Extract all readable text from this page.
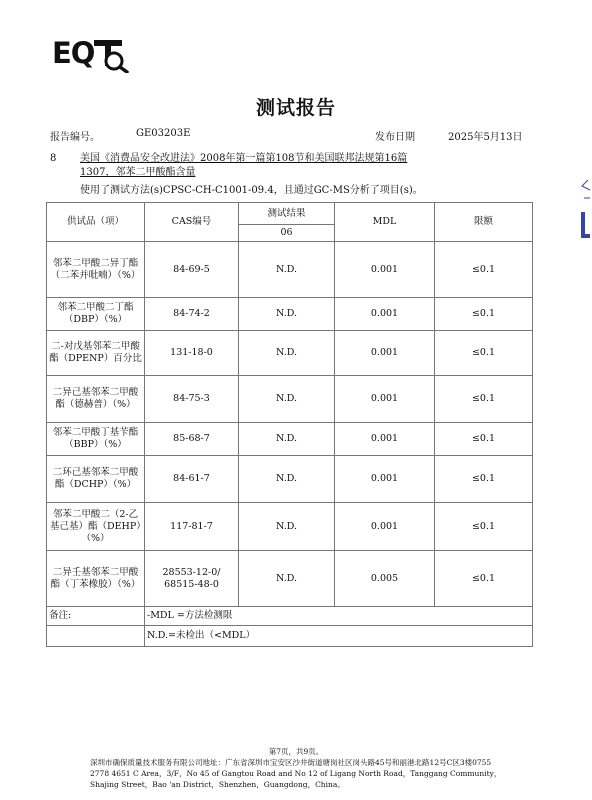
EQ
测试报告
报告编号。	GE03203E	发布日期	2025年5月13日
8 美国《消费品安全改进法》2008年第一篇第108节和美国联邦法规第16篇1307，邻苯二甲酸酯含量
使用了测试方法(s)CPSC-CH-C1001-09.4，且通过GC-MS分析了项目(s)。
供试品（项）	CAS编号	测试结果	MDL	限额
		06		
邻苯二甲酸二异丁酯（二苯并吡喃）（%）	84-69-5	N.D.	0.001	≤0.1
邻苯二甲酸二丁酯（DBP）（%）	84-74-2	N.D.	0.001	≤0.1
二-对戊基邻苯二甲酸酯（DPENP）百分比	131-18-0	N.D.	0.001	≤0.1
二异己基邻苯二甲酸酯（德赫普）（%）	84-75-3	N.D.	0.001	≤0.1
邻苯二甲酸丁基苄酯（BBP）（%）	85-68-7	N.D.	0.001	≤0.1
二环己基邻苯二甲酸酯（DCHP）（%）	84-61-7	N.D.	0.001	≤0.1
邻苯二甲酸二（2-乙基己基）酯（DEHP）（%）	117-81-7	N.D.	0.001	≤0.1
二异壬基邻苯二甲酸酯（丁苯橡胶）（%）	28553-12-0/ 68515-48-0	N.D.	0.005	≤0.1
备注:	-MDL =方法检测限			
	N.D.=未检出（<MDL）			
第7页，共9页。
深圳市确保质量技术服务有限公司地址：广东省深圳市宝安区沙井街道塘岗社区岗头路45号和丽港北路12号C区3楼0755 2778 4651 C Area，3/F，No 45 of Gangtou Road and No 12 of Ligang North Road，Tanggang Community，Shajing Street，Bao 'an District，Shenzhen，Guangdong，China。
